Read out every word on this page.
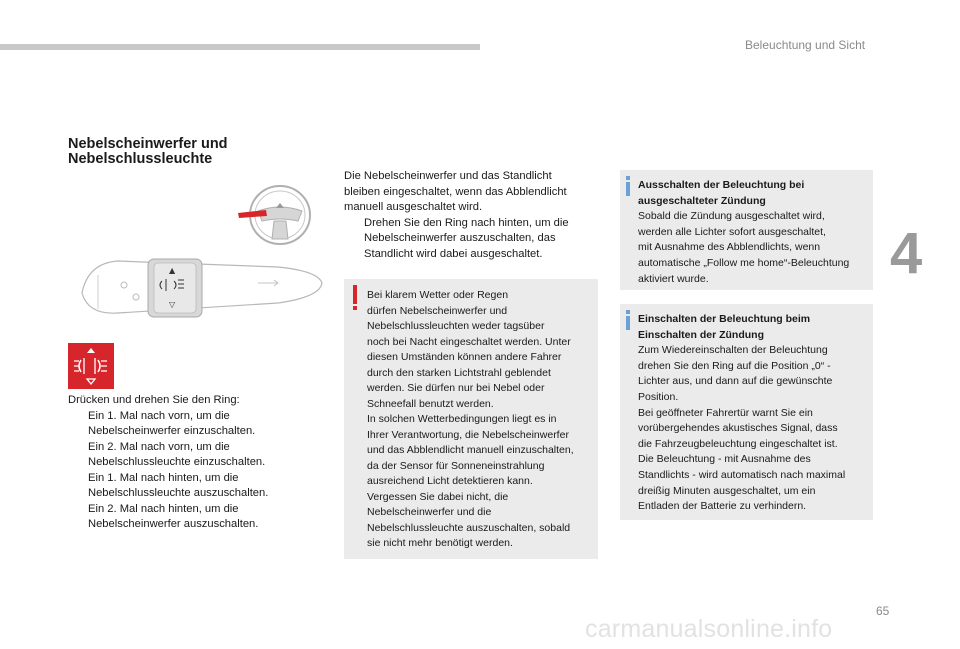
Beleuchtung und Sicht
4
65
carmanualsonline.info
Nebelscheinwerfer und
Nebelschlussleuchte
▲
▽
Drücken und drehen Sie den Ring:
Ein 1. Mal nach vorn, um die
Nebelscheinwerfer einzuschalten.
Ein 2. Mal nach vorn, um die
Nebelschlussleuchte einzuschalten.
Ein 1. Mal nach hinten, um die
Nebelschlussleuchte auszuschalten.
Ein 2. Mal nach hinten, um die
Nebelscheinwerfer auszuschalten.
Die Nebelscheinwerfer und das Standlicht
bleiben eingeschaltet, wenn das Abblendlicht
manuell ausgeschaltet wird.
Drehen Sie den Ring nach hinten, um die
Nebelscheinwerfer auszuschalten, das
Standlicht wird dabei ausgeschaltet.
Bei klarem Wetter oder Regen
dürfen Nebelscheinwerfer und
Nebelschlussleuchten weder tagsüber
noch bei Nacht eingeschaltet werden. Unter
diesen Umständen können andere Fahrer
durch den starken Lichtstrahl geblendet
werden. Sie dürfen nur bei Nebel oder
Schneefall benutzt werden.
In solchen Wetterbedingungen liegt es in
Ihrer Verantwortung, die Nebelscheinwerfer
und das Abblendlicht manuell einzuschalten,
da der Sensor für Sonneneinstrahlung
ausreichend Licht detektieren kann.
Vergessen Sie dabei nicht, die
Nebelscheinwerfer und die
Nebelschlussleuchte auszuschalten, sobald
sie nicht mehr benötigt werden.
Ausschalten der Beleuchtung bei
ausgeschalteter Zündung
Sobald die Zündung ausgeschaltet wird,
werden alle Lichter sofort ausgeschaltet,
mit Ausnahme des Abblendlichts, wenn
automatische „Follow me home“-Beleuchtung
aktiviert wurde.
Einschalten der Beleuchtung beim
Einschalten der Zündung
Zum Wiedereinschalten der Beleuchtung
drehen Sie den Ring auf die Position „0“ -
Lichter aus, und dann auf die gewünschte
Position.
Bei geöffneter Fahrertür warnt Sie ein
vorübergehendes akustisches Signal, dass
die Fahrzeugbeleuchtung eingeschaltet ist.
Die Beleuchtung - mit Ausnahme des
Standlichts - wird automatisch nach maximal
dreißig Minuten ausgeschaltet, um ein
Entladen der Batterie zu verhindern.
